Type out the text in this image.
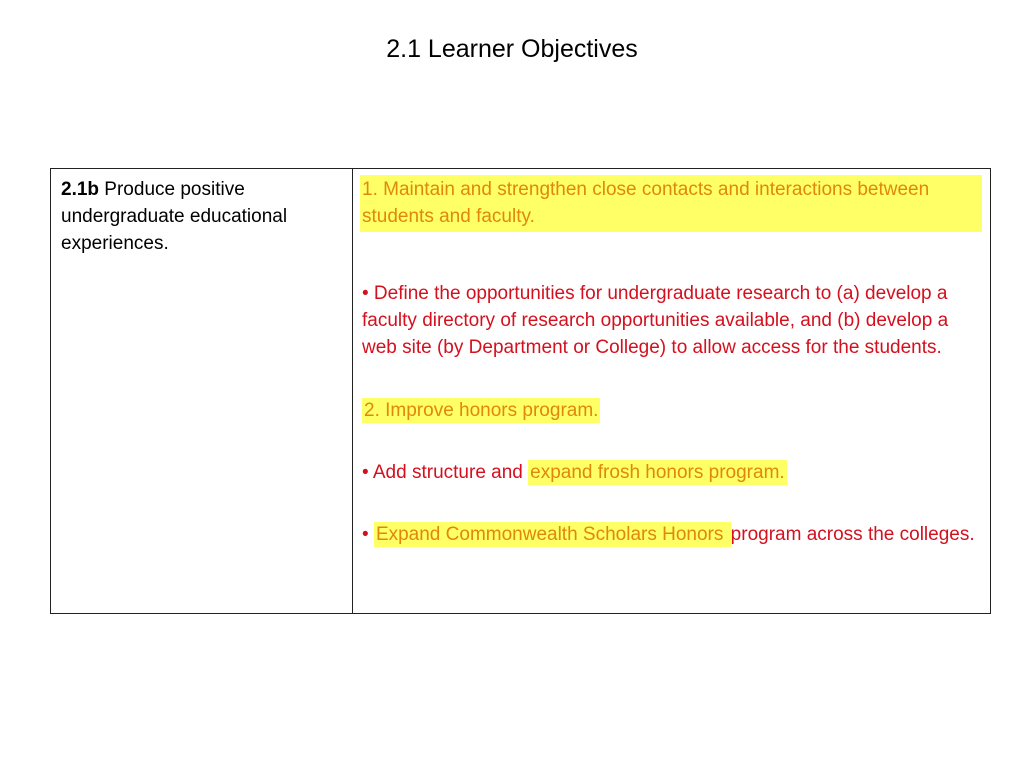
2.1 Learner Objectives
2.1b Produce positive undergraduate educational experiences.

1. Maintain and strengthen close contacts and interactions between students and faculty.

• Define the opportunities for undergraduate research to (a) develop a faculty directory of research opportunities available, and (b) develop a web site (by Department or College) to allow access for the students.

2. Improve honors program.

• Add structure and expand frosh honors program.

• Expand Commonwealth Scholars Honors program across the colleges.
